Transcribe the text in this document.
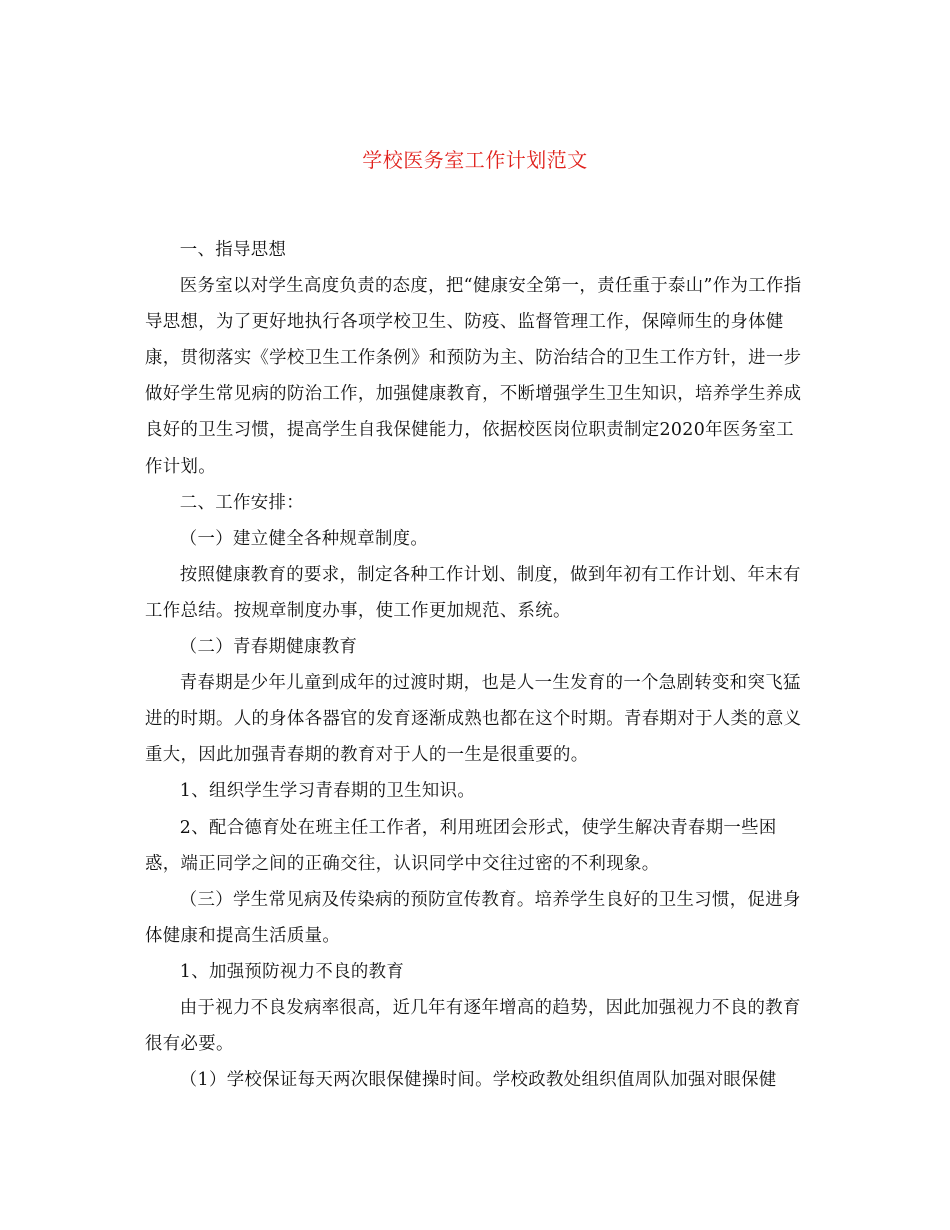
学校医务室工作计划范文

一、指导思想

医务室以对学生高度负责的态度，把“健康安全第一，责任重于泰山”作为工作指导思想，为了更好地执行各项学校卫生、防疫、监督管理工作，保障师生的身体健康，贯彻落实《学校卫生工作条例》和预防为主、防治结合的卫生工作方针，进一步做好学生常见病的防治工作，加强健康教育，不断增强学生卫生知识，培养学生养成良好的卫生习惯，提高学生自我保健能力，依据校医岗位职责制定2020年医务室工作计划。

二、工作安排：

（一）建立健全各种规章制度。

按照健康教育的要求，制定各种工作计划、制度，做到年初有工作计划、年末有工作总结。按规章制度办事，使工作更加规范、系统。

（二）青春期健康教育

青春期是少年儿童到成年的过渡时期，也是人一生发育的一个急剧转变和突飞猛进的时期。人的身体各器官的发育逐渐成熟也都在这个时期。青春期对于人类的意义重大，因此加强青春期的教育对于人的一生是很重要的。

1、组织学生学习青春期的卫生知识。

2、配合德育处在班主任工作者，利用班团会形式，使学生解决青春期一些困惑，端正同学之间的正确交往，认识同学中交往过密的不利现象。

（三）学生常见病及传染病的预防宣传教育。培养学生良好的卫生习惯，促进身体健康和提高生活质量。

1、加强预防视力不良的教育

由于视力不良发病率很高，近几年有逐年增高的趋势，因此加强视力不良的教育很有必要。

（1）学校保证每天两次眼保健操时间。学校政教处组织值周队加强对眼保健
